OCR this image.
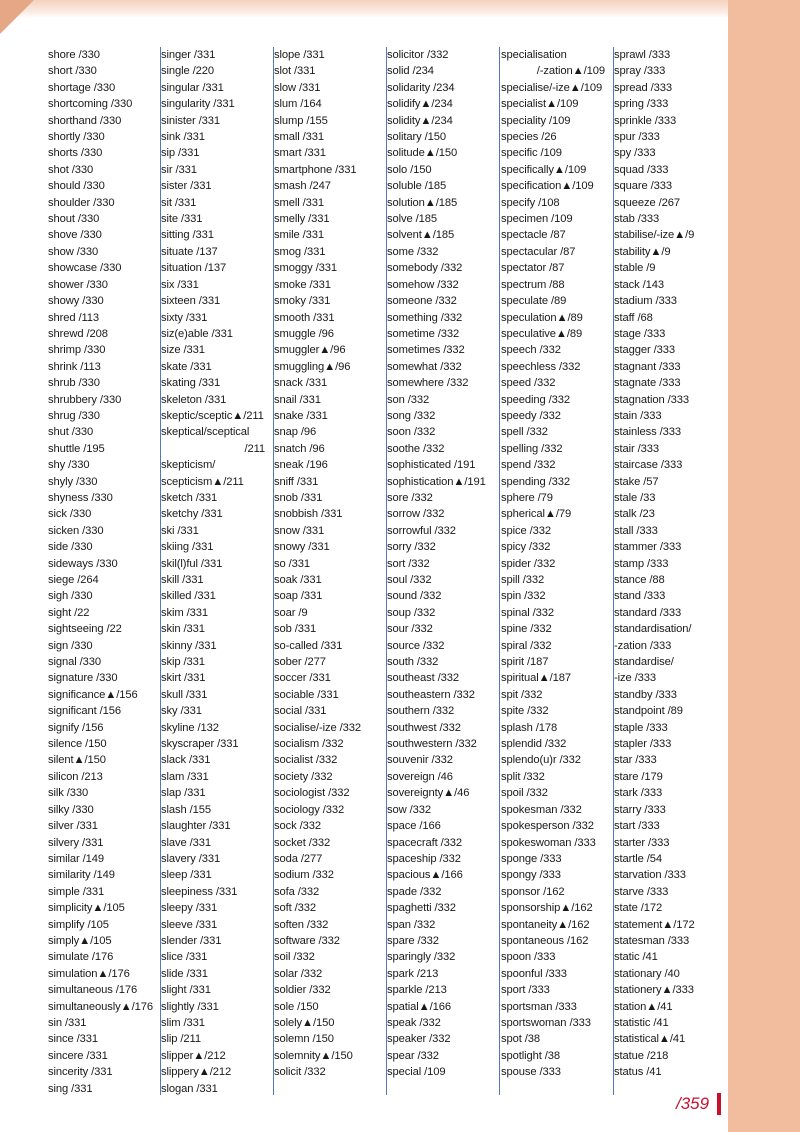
shore /330
short /330
shortage /330
shortcoming /330
shorthand /330
shortly /330
shorts /330
shot /330
should /330
shoulder /330
shout /330
shove /330
show /330
showcase /330
shower /330
showy /330
shred /113
shrewd /208
shrimp /330
shrink /113
shrub /330
shrubbery /330
shrug /330
shut /330
shuttle /195
shy /330
shyly /330
shyness /330
sick /330
sicken /330
side /330
sideways /330
siege /264
sigh /330
sight /22
sightseeing /22
sign /330
signal /330
signature /330
significance▲/156
significant /156
signify /156
silence /150
silent▲/150
silicon /213
silk /330
silky /330
silver /331
silvery /331
similar /149
similarity /149
simple /331
simplicity▲/105
simplify /105
simply▲/105
simulate /176
simulation▲/176
simultaneous /176
simultaneously▲/176
sin /331
since /331
sincere /331
sincerity /331
sing /331
singer /331
single /220
singular /331
singularity /331
sinister /331
sink /331
sip /331
sir /331
sister /331
sit /331
site /331
sitting /331
situate /137
situation /137
six /331
sixteen /331
sixty /331
siz(e)able /331
size /331
skate /331
skating /331
skeleton /331
skeptic/sceptic▲/211
skeptical/sceptical
/211
skepticism/
scepticism▲/211
sketch /331
sketchy /331
ski /331
skiing /331
skil(l)ful /331
skill /331
skilled /331
skim /331
skin /331
skinny /331
skip /331
skirt /331
skull /331
sky /331
skyline /132
skyscraper /331
slack /331
slam /331
slap /331
slash /155
slaughter /331
slave /331
slavery /331
sleep /331
sleepiness /331
sleepy /331
sleeve /331
slender /331
slice /331
slide /331
slight /331
slightly /331
slim /331
slip /211
slipper▲/212
slippery▲/212
slogan /331
slope /331
slot /331
slow /331
slum /164
slump /155
small /331
smart /331
smartphone /331
smash /247
smell /331
smelly /331
smile /331
smog /331
smoggy /331
smoke /331
smoky /331
smooth /331
smuggle /96
smuggler▲/96
smuggling▲/96
snack /331
snail /331
snake /331
snap /96
snatch /96
sneak /196
sniff /331
snob /331
snobbish /331
snow /331
snowy /331
so /331
soak /331
soap /331
soar /9
sob /331
so-called /331
sober /277
soccer /331
sociable /331
social /331
socialise/-ize /332
socialism /332
socialist /332
society /332
sociologist /332
sociology /332
sock /332
socket /332
soda /277
sodium /332
sofa /332
soft /332
soften /332
software /332
soil /332
solar /332
soldier /332
sole /150
solely▲/150
solemn /150
solemnity▲/150
solicit /332
solicitor /332
solid /234
solidarity /234
solidify▲/234
solidity▲/234
solitary /150
solitude▲/150
solo /150
soluble /185
solution▲/185
solve /185
solvent▲/185
some /332
somebody /332
somehow /332
someone /332
something /332
sometime /332
sometimes /332
somewhat /332
somewhere /332
son /332
song /332
soon /332
soothe /332
sophisticated /191
sophistication▲/191
sore /332
sorrow /332
sorrowful /332
sorry /332
sort /332
soul /332
sound /332
soup /332
sour /332
source /332
south /332
southeast /332
southeastern /332
southern /332
southwest /332
southwestern /332
souvenir /332
sovereign /46
sovereignty▲/46
sow /332
space /166
spacecraft /332
spaceship /332
spacious▲/166
spade /332
spaghetti /332
span /332
spare /332
sparingly /332
spark /213
sparkle /213
spatial▲/166
speak /332
speaker /332
spear /332
special /109
specialisation
/-zation▲/109
specialise/-ize▲/109
specialist▲/109
speciality /109
species /26
specific /109
specifically▲/109
specification▲/109
specify /108
specimen /109
spectacle /87
spectacular /87
spectator /87
spectrum /88
speculate /89
speculation▲/89
speculative▲/89
speech /332
speechless /332
speed /332
speeding /332
speedy /332
spell /332
spelling /332
spend /332
spending /332
sphere /79
spherical▲/79
spice /332
spicy /332
spider /332
spill /332
spin /332
spinal /332
spine /332
spiral /332
spirit /187
spiritual▲/187
spit /332
spite /332
splash /178
splendid /332
splendo(u)r /332
split /332
spoil /332
spokesman /332
spokesperson /332
spokeswoman /333
sponge /333
spongy /333
sponsor /162
sponsorship▲/162
spontaneity▲/162
spontaneous /162
spoon /333
spoonful /333
sport /333
sportsman /333
sportswoman /333
spot /38
spotlight /38
spouse /333
sprawl /333
spray /333
spread /333
spring /333
sprinkle /333
spur /333
spy /333
squad /333
square /333
squeeze /267
stab /333
stabilise/-ize▲/9
stability▲/9
stable /9
stack /143
stadium /333
staff /68
stage /333
stagger /333
stagnant /333
stagnate /333
stagnation /333
stain /333
stainless /333
stair /333
staircase /333
stake /57
stale /33
stalk /23
stall /333
stammer /333
stamp /333
stance /88
stand /333
standard /333
standardisation/
-zation /333
standardise/
-ize /333
standby /333
standpoint /89
staple /333
stapler /333
star /333
stare /179
stark /333
starry /333
start /333
starter /333
startle /54
starvation /333
starve /333
state /172
statement▲/172
statesman /333
static /41
stationary /40
stationery▲/333
station▲/41
statistic /41
statistical▲/41
statue /218
status /41
/359
